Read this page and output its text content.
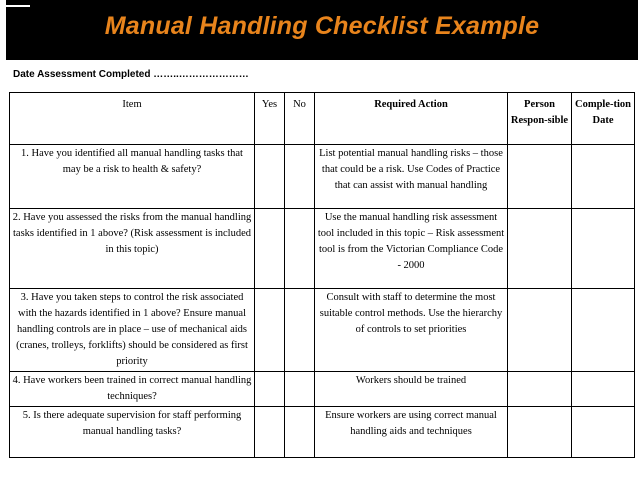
Manual Handling Checklist Example
Date Assessment Completed ……..…………………
Item	Yes	No	Required Action	Person Respon-sible	Comple-tion Date
1. Have you identified all manual handling tasks that may be a risk to health & safety?			List potential manual handling risks – those that could be a risk. Use Codes of Practice that can assist with manual handling		
2. Have you assessed the risks from the manual handling tasks identified in 1 above? (Risk assessment is included in this topic)			Use the manual handling risk assessment tool included in this topic – Risk assessment tool is from the Victorian Compliance Code - 2000		
3. Have you taken steps to control the risk associated with the hazards identified in 1 above? Ensure manual handling controls are in place – use of mechanical aids (cranes, trolleys, forklifts) should be considered as first priority			Consult with staff to determine the most suitable control methods. Use the hierarchy of controls to set priorities		
4. Have workers been trained in correct manual handling techniques?			Workers should be trained		
5. Is there adequate supervision for staff performing manual handling tasks?			Ensure workers are using correct manual handling aids and techniques		
